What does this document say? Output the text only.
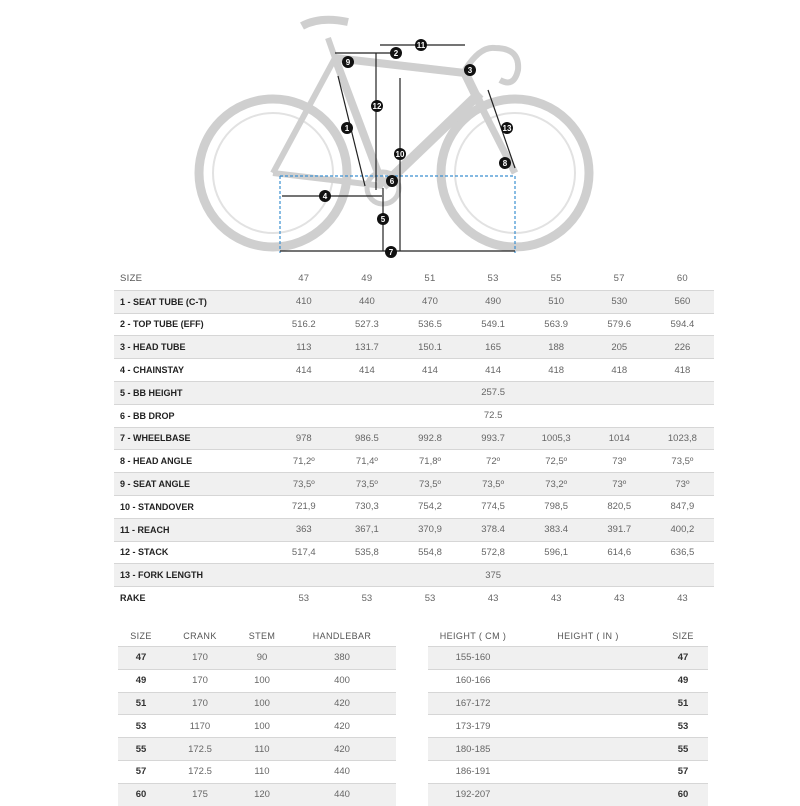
1
2
3
4
5
6
7
8
9
10
11
12
13
SIZE	47	49	51	53	55	57	60
1 - SEAT TUBE (C-T)	410	440	470	490	510	530	560
2 - TOP TUBE (EFF)	516.2	527.3	536.5	549.1	563.9	579.6	594.4
3 - HEAD TUBE	113	131.7	150.1	165	188	205	226
4 - CHAINSTAY	414	414	414	414	418	418	418
5 - BB HEIGHT	257.5						
6 - BB DROP	72.5						
7 - WHEELBASE	978	986.5	992.8	993.7	1005,3	1014	1023,8
8 - HEAD ANGLE	71,2º	71,4º	71,8º	72º	72,5º	73º	73,5º
9 - SEAT ANGLE	73,5º	73,5º	73,5º	73,5º	73,2º	73º	73º
10 - STANDOVER	721,9	730,3	754,2	774,5	798,5	820,5	847,9
11 - REACH	363	367,1	370,9	378.4	383.4	391.7	400,2
12 - STACK	517,4	535,8	554,8	572,8	596,1	614,6	636,5
13 - FORK LENGTH	375						
RAKE	53	53	53	43	43	43	43
SIZE	CRANK	STEM	HANDLEBAR
47	170	90	380
49	170	100	400
51	170	100	420
53	1170	100	420
55	172.5	110	420
57	172.5	110	440
60	175	120	440
HEIGHT ( CM )	HEIGHT ( IN )	SIZE
155-160		47
160-166		49
167-172		51
173-179		53
180-185		55
186-191		57
192-207		60
